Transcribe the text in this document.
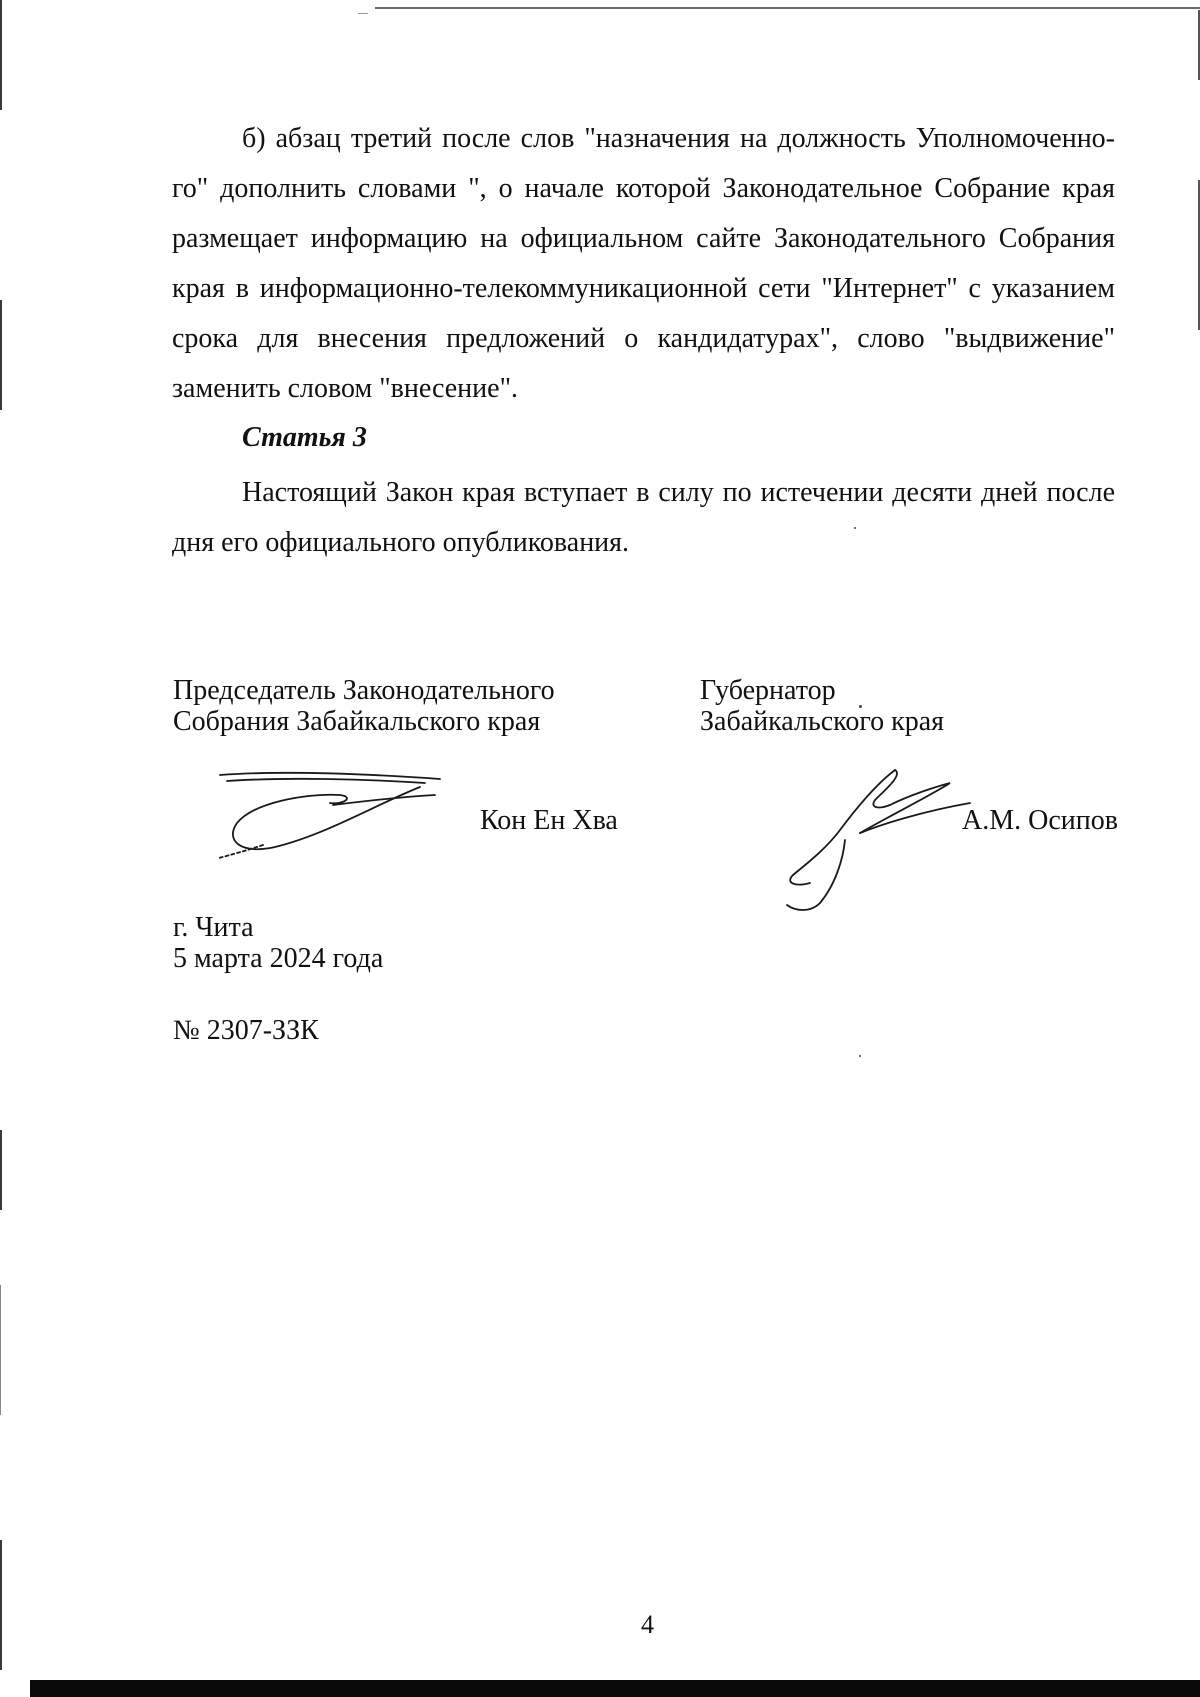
б) абзац третий после слов "назначения на должность Уполномоченно-го" дополнить словами ", о начале которой Законодательное Собрание края размещает информацию на официальном сайте Законодательного Собрания края в информационно-телекоммуникационной сети "Интернет" с указанием срока для внесения предложений о кандидатурах", слово "выдвижение" заменить словом "внесение".

Статья 3

Настоящий Закон края вступает в силу по истечении десяти дней после дня его официального опубликования.

Председатель Законодательного
Собрания Забайкальского края
Губернатор
Забайкальского края
Кон Ен Хва	А.М. Осипов
г. Чита
5 марта 2024 года
№ 2307-ЗЗК
4
